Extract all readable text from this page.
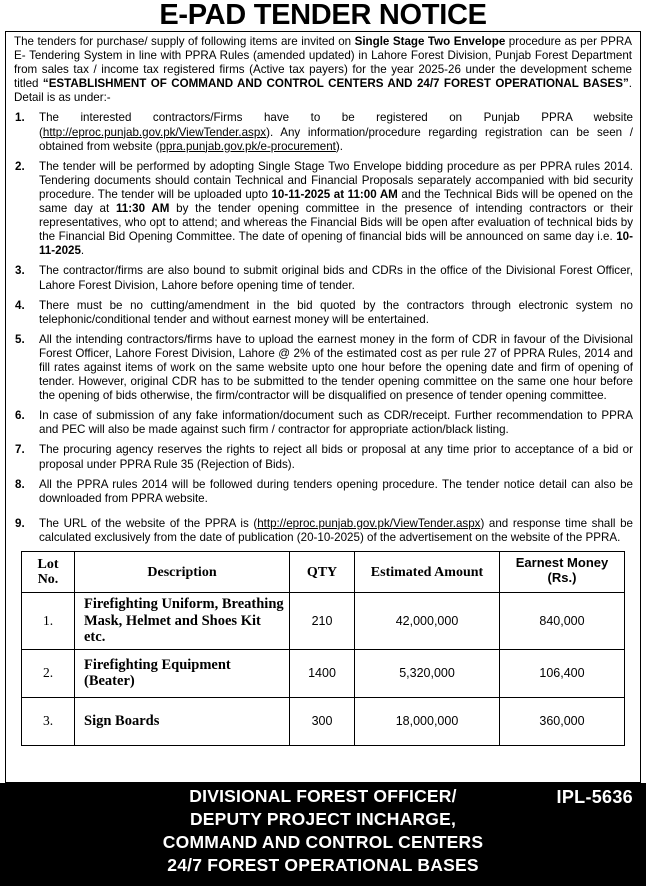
E-PAD TENDER NOTICE

The tenders for purchase/ supply of following items are invited on Single Stage Two Envelope procedure as per PPRA E- Tendering System in line with PPRA Rules (amended updated) in Lahore Forest Division, Punjab Forest Department from sales tax / income tax registered firms (Active tax payers) for the year 2025-26 under the development scheme titled “ESTABLISHMENT OF COMMAND AND CONTROL CENTERS AND 24/7 FOREST OPERATIONAL BASES”. Detail is as under:-

1.	The interested contractors/Firms have to be registered on Punjab PPRA website (http://eproc.punjab.gov.pk/ViewTender.aspx). Any information/procedure regarding registration can be seen / obtained from website (ppra.punjab.gov.pk/e-procurement).
2.	The tender will be performed by adopting Single Stage Two Envelope bidding procedure as per PPRA rules 2014. Tendering documents should contain Technical and Financial Proposals separately accompanied with bid security procedure. The tender will be uploaded upto 10-11-2025 at 11:00 AM and the Technical Bids will be opened on the same day at 11:30 AM by the tender opening committee in the presence of intending contractors or their representatives, who opt to attend; and whereas the Financial Bids will be open after evaluation of technical bids by the Financial Bid Opening Committee. The date of opening of financial bids will be announced on same day i.e. 10-11-2025.
3.	The contractor/firms are also bound to submit original bids and CDRs in the office of the Divisional Forest Officer, Lahore Forest Division, Lahore before opening time of tender.
4.	There must be no cutting/amendment in the bid quoted by the contractors through electronic system no telephonic/conditional tender and without earnest money will be entertained.
5.	All the intending contractors/firms have to upload the earnest money in the form of CDR in favour of the Divisional Forest Officer, Lahore Forest Division, Lahore @ 2% of the estimated cost as per rule 27 of PPRA Rules, 2014 and fill rates against items of work on the same website upto one hour before the opening date and firm of opening of tender. However, original CDR has to be submitted to the tender opening committee on the same one hour before the opening of bids otherwise, the firm/contractor will be disqualified on presence of tender opening committee.
6.	In case of submission of any fake information/document such as CDR/receipt. Further recommendation to PPRA and PEC will also be made against such firm / contractor for appropriate action/black listing.
7.	The procuring agency reserves the rights to reject all bids or proposal at any time prior to acceptance of a bid or proposal under PPRA Rule 35 (Rejection of Bids).
8.	All the PPRA rules 2014 will be followed during tenders opening procedure. The tender notice detail can also be downloaded from PPRA website.
9.	The URL of the website of the PPRA is (http://eproc.punjab.gov.pk/ViewTender.aspx) and response time shall be calculated exclusively from the date of publication (20-10-2025) of the advertisement on the website of the PPRA.
Lot
No.	Description	QTY	Estimated Amount	Earnest Money (Rs.)
1.	Firefighting Uniform, Breathing Mask, Helmet and Shoes Kit etc.	210	42,000,000	840,000
2.	Firefighting Equipment (Beater)	1400	5,320,000	106,400
3.	Sign Boards	300	18,000,000	360,000
DIVISIONAL FOREST OFFICER/
DEPUTY PROJECT INCHARGE,
COMMAND AND CONTROL CENTERS
24/7 FOREST OPERATIONAL BASES
IPL-5636
